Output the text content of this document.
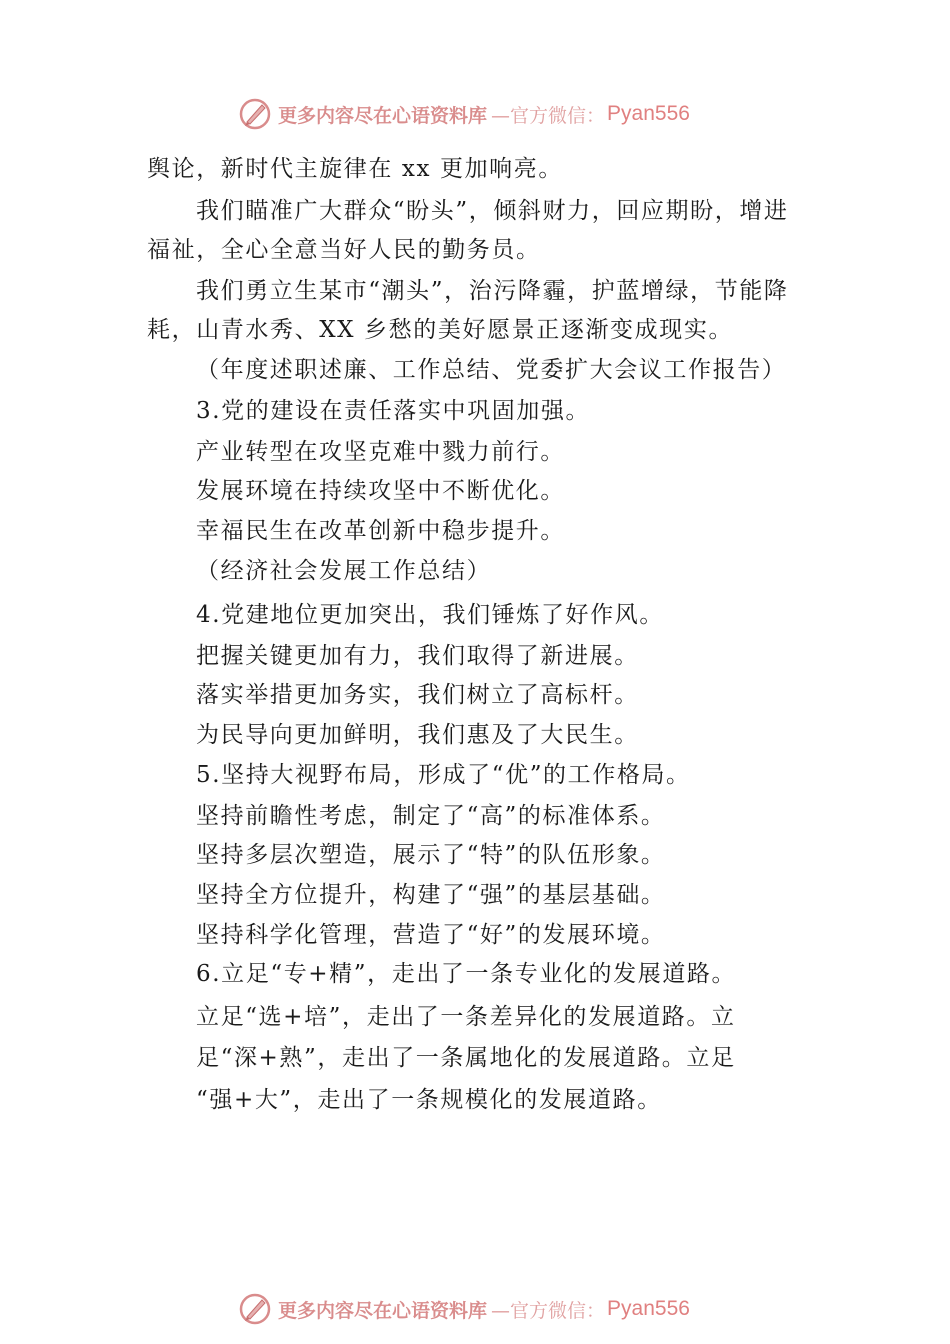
更多内容尽在心语资料库 —官方微信： Pyan556
舆论，新时代主旋律在 xx 更加响亮。
我们瞄准广大群众“盼头”，倾斜财力，回应期盼，增进
福祉，全心全意当好人民的勤务员。
我们勇立生某市“潮头”，治污降霾，护蓝增绿，节能降
耗，山青水秀、XX 乡愁的美好愿景正逐渐变成现实。
（年度述职述廉、工作总结、党委扩大会议工作报告）
3.党的建设在责任落实中巩固加强。
产业转型在攻坚克难中戮力前行。
发展环境在持续攻坚中不断优化。
幸福民生在改革创新中稳步提升。
（经济社会发展工作总结）
4.党建地位更加突出，我们锤炼了好作风。
把握关键更加有力，我们取得了新进展。
落实举措更加务实，我们树立了高标杆。
为民导向更加鲜明，我们惠及了大民生。
5.坚持大视野布局，形成了“优”的工作格局。
坚持前瞻性考虑，制定了“高”的标准体系。
坚持多层次塑造，展示了“特”的队伍形象。
坚持全方位提升，构建了“强”的基层基础。
坚持科学化管理，营造了“好”的发展环境。
6.立足“专+精”，走出了一条专业化的发展道路。
立足“选+培”，走出了一条差异化的发展道路。立
足“深+熟”，走出了一条属地化的发展道路。立足
“强+大”，走出了一条规模化的发展道路。
更多内容尽在心语资料库 —官方微信： Pyan556
